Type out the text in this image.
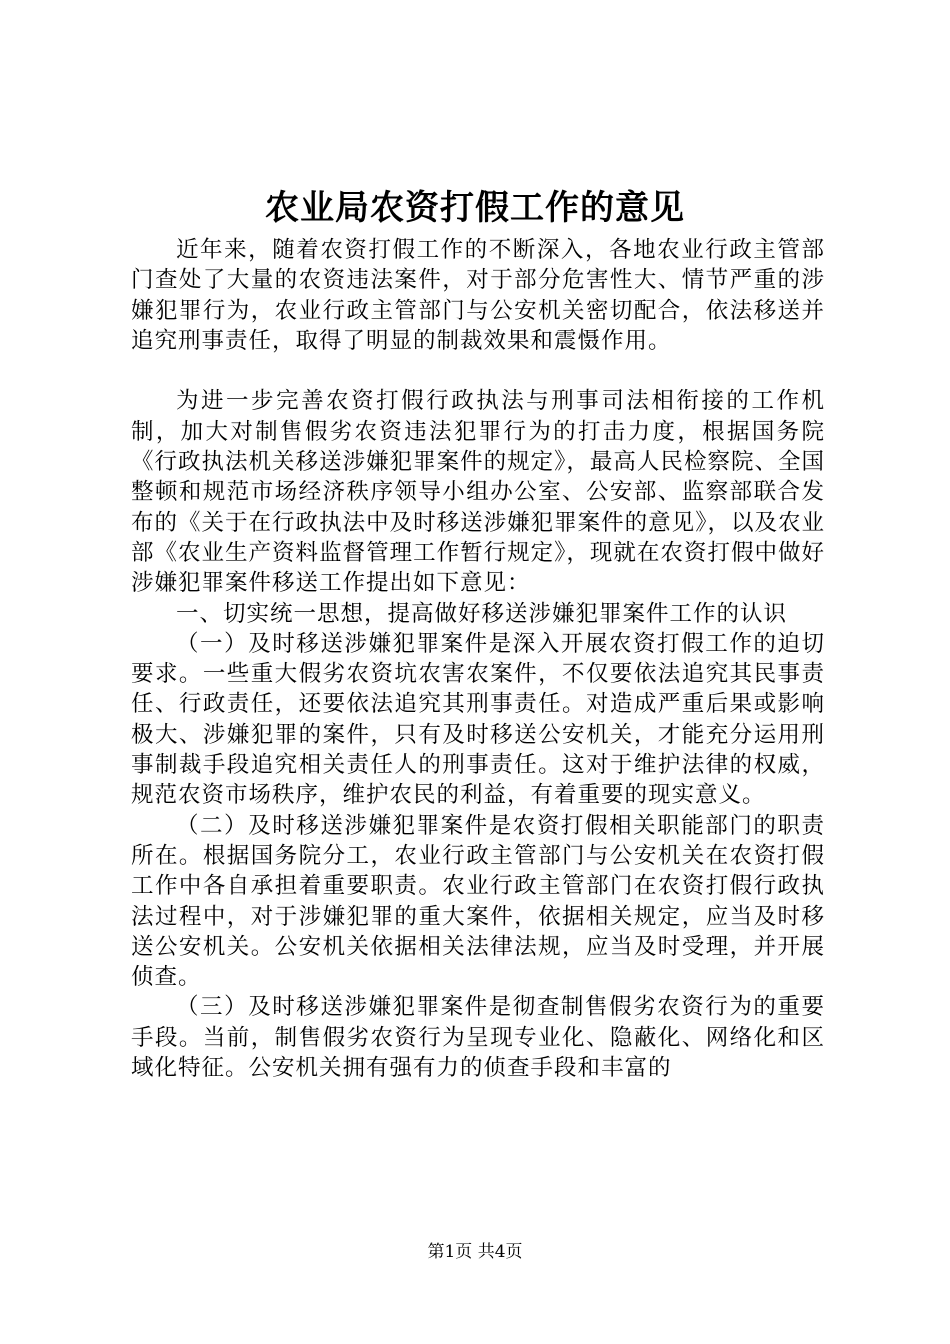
农业局农资打假工作的意见

近年来，随着农资打假工作的不断深入，各地农业行政主管部门查处了大量的农资违法案件，对于部分危害性大、情节严重的涉嫌犯罪行为，农业行政主管部门与公安机关密切配合，依法移送并追究刑事责任，取得了明显的制裁效果和震慑作用。

为进一步完善农资打假行政执法与刑事司法相衔接的工作机制，加大对制售假劣农资违法犯罪行为的打击力度，根据国务院《行政执法机关移送涉嫌犯罪案件的规定》，最高人民检察院、全国整顿和规范市场经济秩序领导小组办公室、公安部、监察部联合发布的《关于在行政执法中及时移送涉嫌犯罪案件的意见》，以及农业部《农业生产资料监督管理工作暂行规定》，现就在农资打假中做好涉嫌犯罪案件移送工作提出如下意见：

一、切实统一思想，提高做好移送涉嫌犯罪案件工作的认识

（一）及时移送涉嫌犯罪案件是深入开展农资打假工作的迫切要求。一些重大假劣农资坑农害农案件，不仅要依法追究其民事责任、行政责任，还要依法追究其刑事责任。对造成严重后果或影响极大、涉嫌犯罪的案件，只有及时移送公安机关，才能充分运用刑事制裁手段追究相关责任人的刑事责任。这对于维护法律的权威，规范农资市场秩序，维护农民的利益，有着重要的现实意义。

（二）及时移送涉嫌犯罪案件是农资打假相关职能部门的职责所在。根据国务院分工，农业行政主管部门与公安机关在农资打假工作中各自承担着重要职责。农业行政主管部门在农资打假行政执法过程中，对于涉嫌犯罪的重大案件，依据相关规定，应当及时移送公安机关。公安机关依据相关法律法规，应当及时受理，并开展侦查。

（三）及时移送涉嫌犯罪案件是彻查制售假劣农资行为的重要手段。当前，制售假劣农资行为呈现专业化、隐蔽化、网络化和区域化特征。公安机关拥有强有力的侦查手段和丰富的

第1页 共4页
